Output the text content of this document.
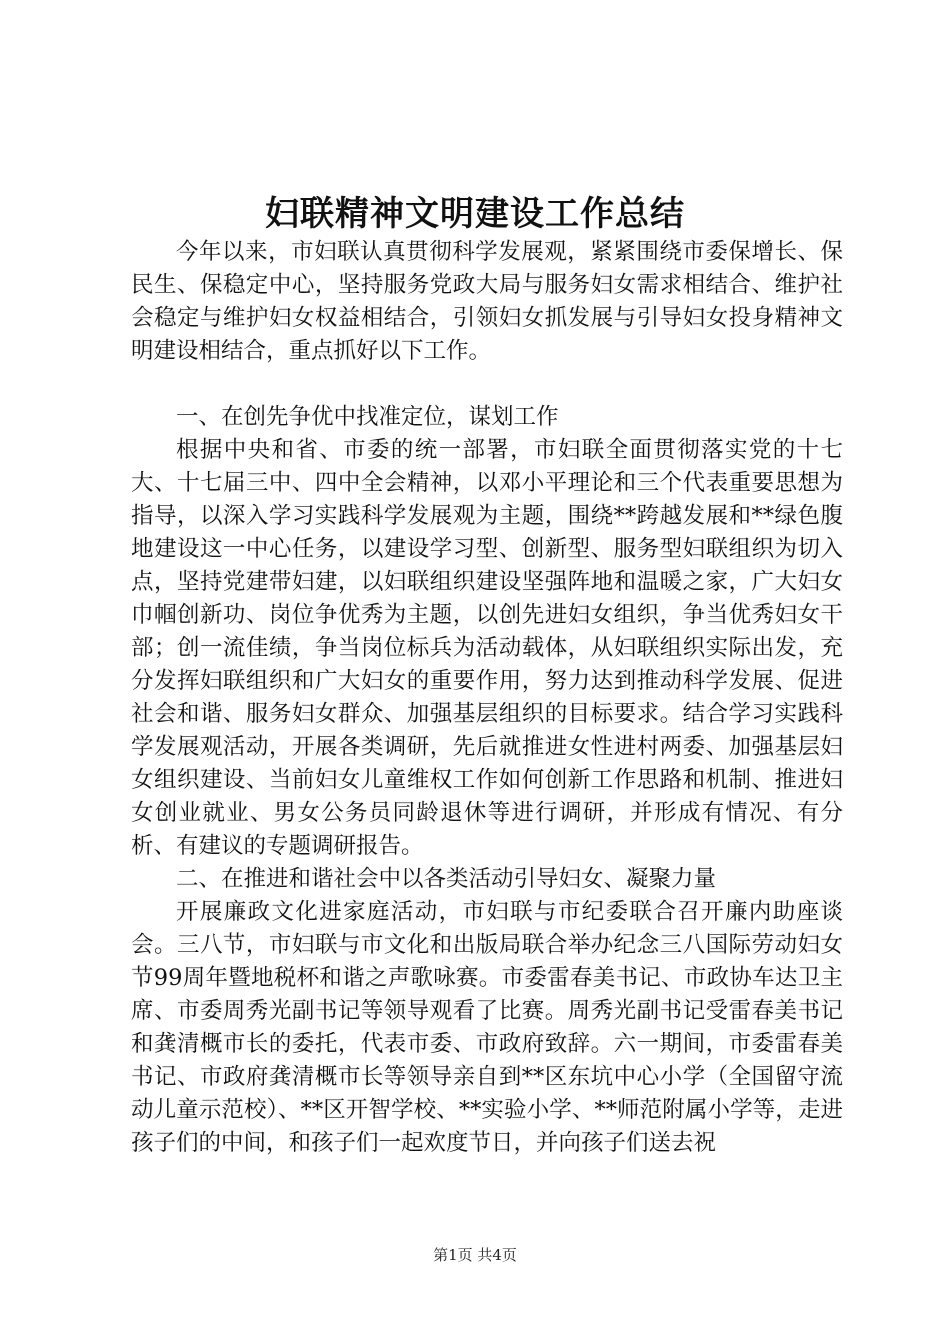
妇联精神文明建设工作总结

今年以来，市妇联认真贯彻科学发展观，紧紧围绕市委保增长、保民生、保稳定中心，坚持服务党政大局与服务妇女需求相结合、维护社会稳定与维护妇女权益相结合，引领妇女抓发展与引导妇女投身精神文明建设相结合，重点抓好以下工作。

一、在创先争优中找准定位，谋划工作

根据中央和省、市委的统一部署，市妇联全面贯彻落实党的十七大、十七届三中、四中全会精神，以邓小平理论和三个代表重要思想为指导，以深入学习实践科学发展观为主题，围绕**跨越发展和**绿色腹地建设这一中心任务，以建设学习型、创新型、服务型妇联组织为切入点，坚持党建带妇建，以妇联组织建设坚强阵地和温暖之家，广大妇女巾帼创新功、岗位争优秀为主题，以创先进妇女组织，争当优秀妇女干部；创一流佳绩，争当岗位标兵为活动载体，从妇联组织实际出发，充分发挥妇联组织和广大妇女的重要作用，努力达到推动科学发展、促进社会和谐、服务妇女群众、加强基层组织的目标要求。结合学习实践科学发展观活动，开展各类调研，先后就推进女性进村两委、加强基层妇女组织建设、当前妇女儿童维权工作如何创新工作思路和机制、推进妇女创业就业、男女公务员同龄退休等进行调研，并形成有情况、有分析、有建议的专题调研报告。

二、在推进和谐社会中以各类活动引导妇女、凝聚力量

开展廉政文化进家庭活动，市妇联与市纪委联合召开廉内助座谈会。三八节，市妇联与市文化和出版局联合举办纪念三八国际劳动妇女节99周年暨地税杯和谐之声歌咏赛。市委雷春美书记、市政协车达卫主席、市委周秀光副书记等领导观看了比赛。周秀光副书记受雷春美书记和龚清概市长的委托，代表市委、市政府致辞。六一期间，市委雷春美书记、市政府龚清概市长等领导亲自到**区东坑中心小学（全国留守流动儿童示范校）、**区开智学校、**实验小学、**师范附属小学等，走进孩子们的中间，和孩子们一起欢度节日，并向孩子们送去祝

第1页 共4页
